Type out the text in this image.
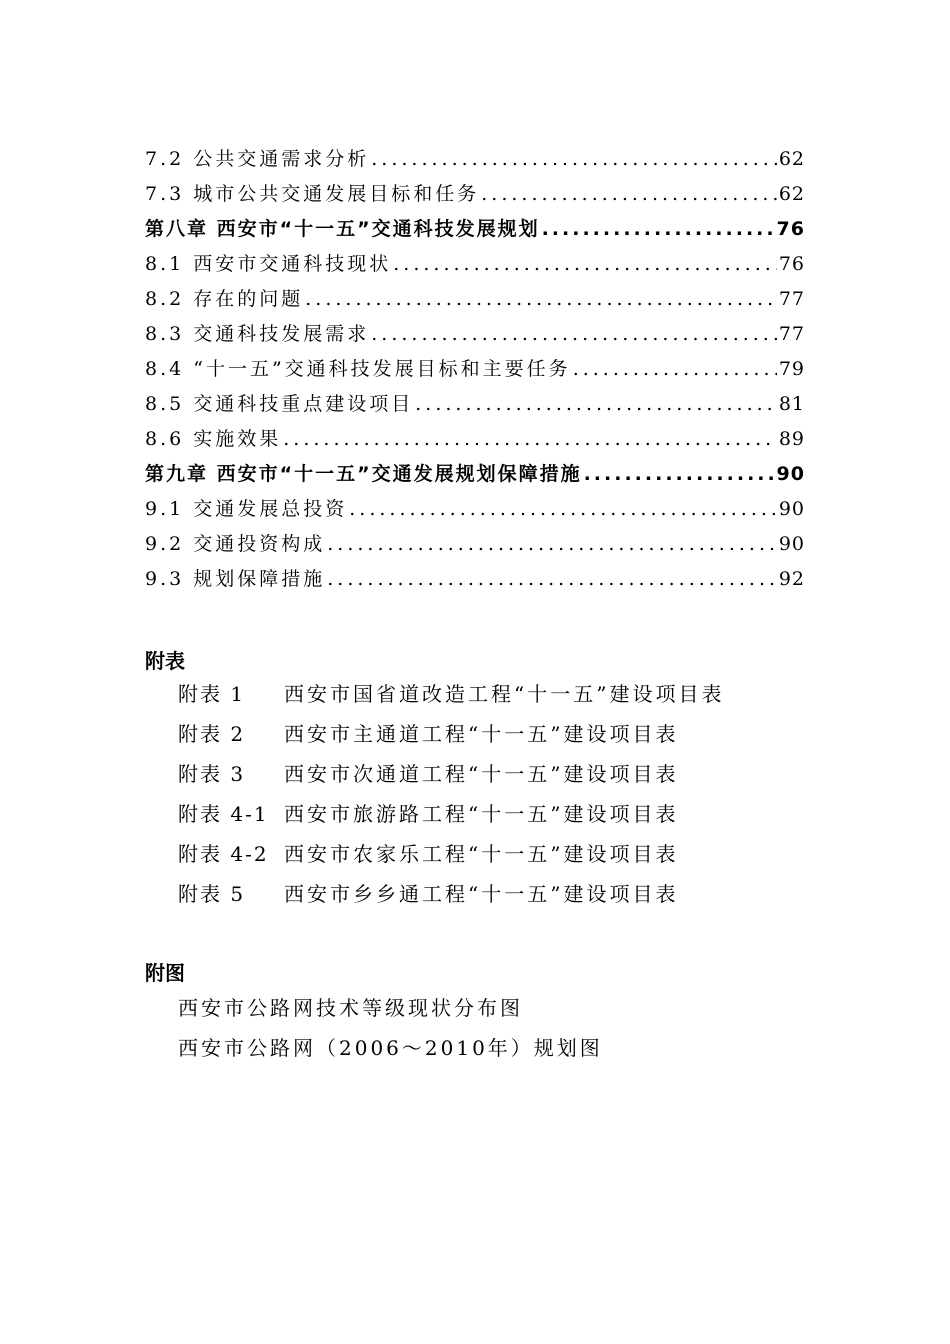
7.2 公共交通需求分析 .....	62
7.3 城市公共交通发展目标和任务 .....	62
第八章 西安市“十一五”交通科技发展规划 .....	76
8.1 西安市交通科技现状 .....	76
8.2 存在的问题 .....	77
8.3 交通科技发展需求 .....	77
8.4 “十一五”交通科技发展目标和主要任务 .....	79
8.5 交通科技重点建设项目 .....	81
8.6 实施效果 .....	89
第九章 西安市“十一五”交通发展规划保障措施 .....	90
9.1 交通发展总投资 .....	90
9.2 交通投资构成 .....	90
9.3 规划保障措施 .....	92
附表
附表 1	西安市国省道改造工程“十一五”建设项目表
附表 2	西安市主通道工程“十一五”建设项目表
附表 3	西安市次通道工程“十一五”建设项目表
附表 4-1 西安市旅游路工程“十一五”建设项目表
附表 4-2 西安市农家乐工程“十一五”建设项目表
附表 5	西安市乡乡通工程“十一五”建设项目表
附图
西安市公路网技术等级现状分布图
西安市公路网（2006～2010年）规划图
